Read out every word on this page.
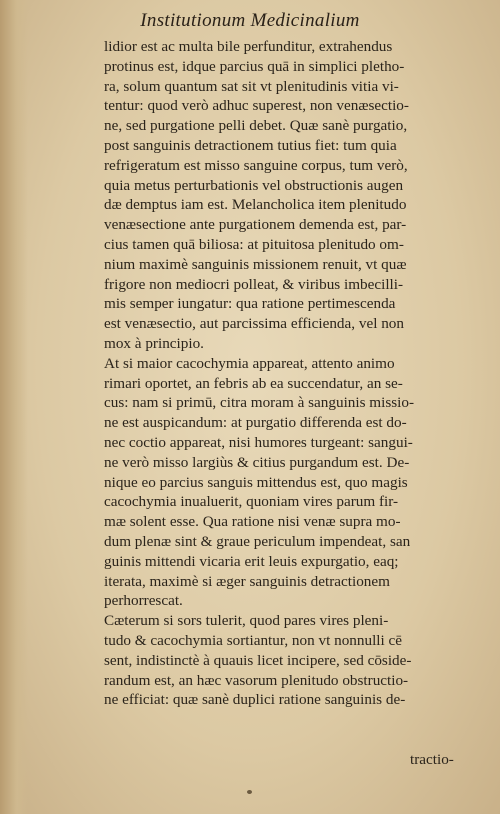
Institutionum Medicinalium
lidior est ac multa bile perfunditur, extrahendus
protinus est, idque parcius quā in simplici pletho-
ra, solum quantum sat sit vt plenitudinis vitia vi-
tentur: quod verò adhuc superest, non venæsectio-
ne, sed purgatione pelli debet. Quæ sanè purgatio,
post sanguinis detractionem tutius fiet: tum quia
refrigeratum est misso sanguine corpus, tum verò,
quia metus perturbationis vel obstructionis augen
dæ demptus iam est. Melancholica item plenitudo
venæsectione ante purgationem demenda est, par-
cius tamen quā biliosa: at pituitosa plenitudo om-
nium maximè sanguinis missionem renuit, vt quæ
frigore non mediocri polleat, & viribus imbecilli-
mis semper iungatur: qua ratione pertimescenda
est venæsectio, aut parcissima efficienda, vel non
mox à principio.
At si maior cacochymia appareat, attento animo
rimari oportet, an febris ab ea succendatur, an se-
cus: nam si primū, citra moram à sanguinis missio-
ne est auspicandum: at purgatio differenda est do-
nec coctio appareat, nisi humores turgeant: sangui-
ne verò misso largiùs & citius purgandum est. De-
nique eo parcius sanguis mittendus est, quo magis
cacochymia inualuerit, quoniam vires parum fir-
mæ solent esse. Qua ratione nisi venæ supra mo-
dum plenæ sint & graue periculum impendeat, san
guinis mittendi vicaria erit leuis expurgatio, eaq;
iterata, maximè si æger sanguinis detractionem
perhorrescat.
Cæterum si sors tulerit, quod pares vires pleni-
tudo & cacochymia sortiantur, non vt nonnulli cē
sent, indistinctè à quauis licet incipere, sed cōside-
randum est, an hæc vasorum plenitudo obstructio-
ne efficiat: quæ sanè duplici ratione sanguinis de-
tractio-
